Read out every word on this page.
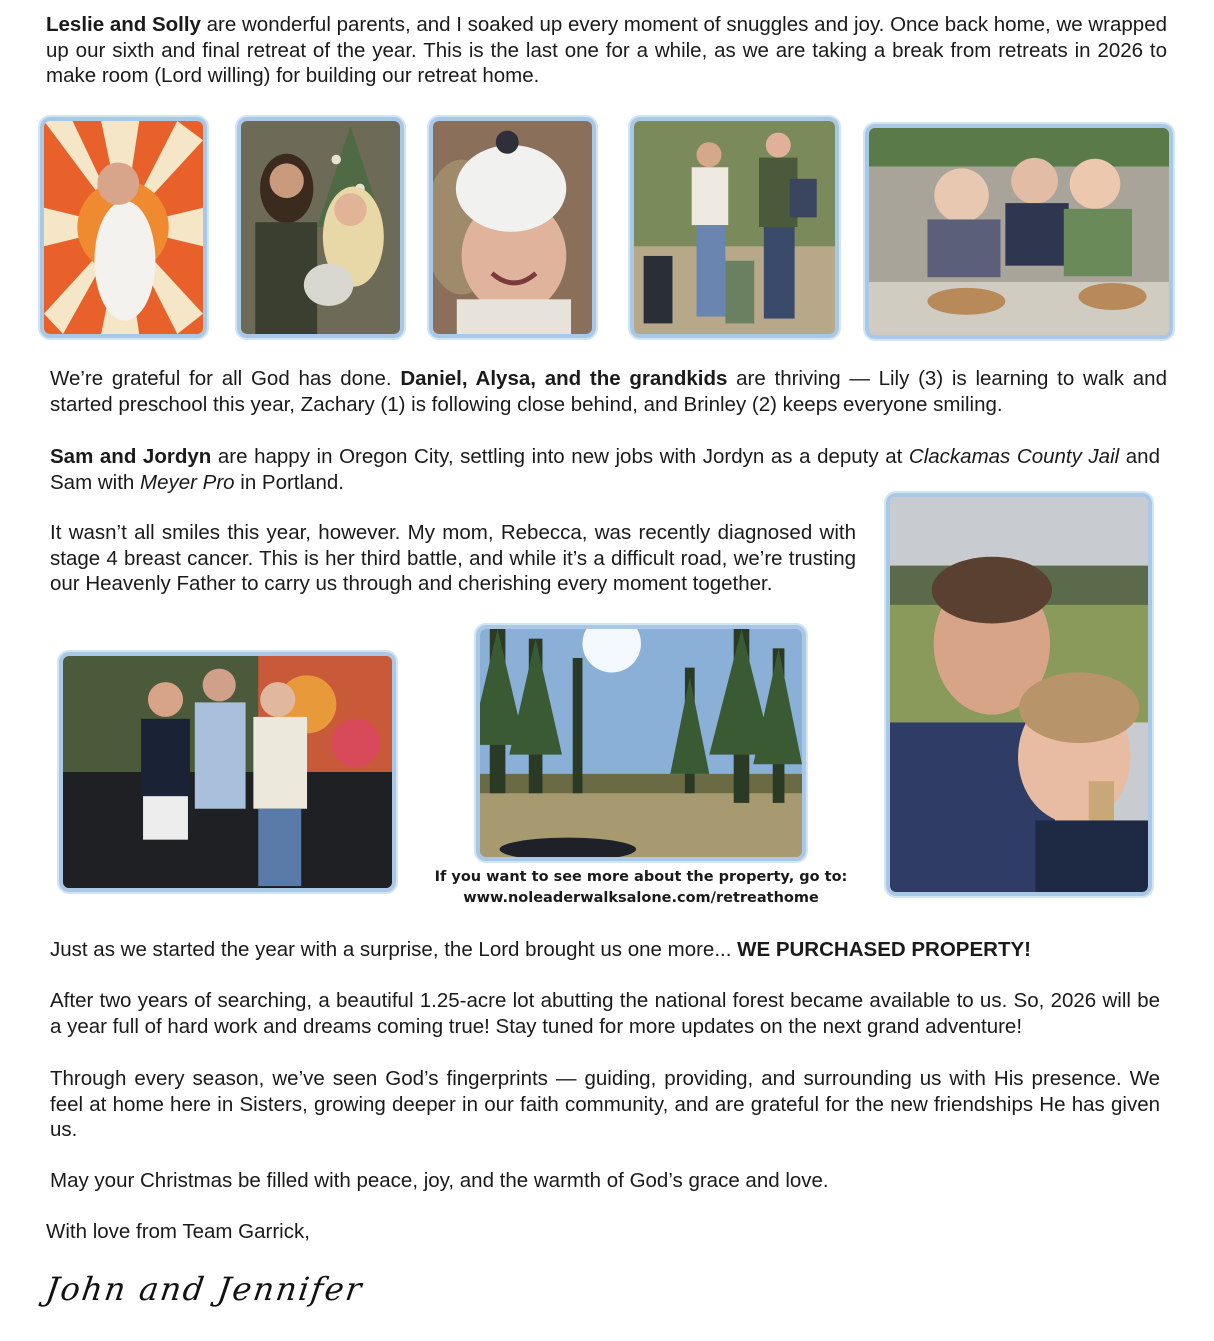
Leslie and Solly are wonderful parents, and I soaked up every moment of snuggles and joy. Once back home, we wrapped up our sixth and final retreat of the year. This is the last one for a while, as we are taking a break from retreats in 2026 to make room (Lord willing) for building our retreat home.

We’re grateful for all God has done. Daniel, Alysa, and the grandkids are thriving — Lily (3) is learning to walk and started preschool this year, Zachary (1) is following close behind, and Brinley (2) keeps everyone smiling.

Sam and Jordyn are happy in Oregon City, settling into new jobs with Jordyn as a deputy at Clackamas County Jail and Sam with Meyer Pro in Portland.

It wasn’t all smiles this year, however. My mom, Rebecca, was recently diagnosed with stage 4 breast cancer. This is her third battle, and while it’s a difficult road, we’re trusting our Heavenly Father to carry us through and cherishing every moment together.

If you want to see more about the property, go to:
www.noleaderwalksalone.com/retreathome

Just as we started the year with a surprise, the Lord brought us one more... WE PURCHASED PROPERTY!

After two years of searching, a beautiful 1.25-acre lot abutting the national forest became available to us. So, 2026 will be a year full of hard work and dreams coming true! Stay tuned for more updates on the next grand adventure!

Through every season, we’ve seen God’s fingerprints — guiding, providing, and surrounding us with His presence. We feel at home here in Sisters, growing deeper in our faith community, and are grateful for the new friendships He has given us.

May your Christmas be filled with peace, joy, and the warmth of God’s grace and love.

With love from Team Garrick,

John and Jennifer
